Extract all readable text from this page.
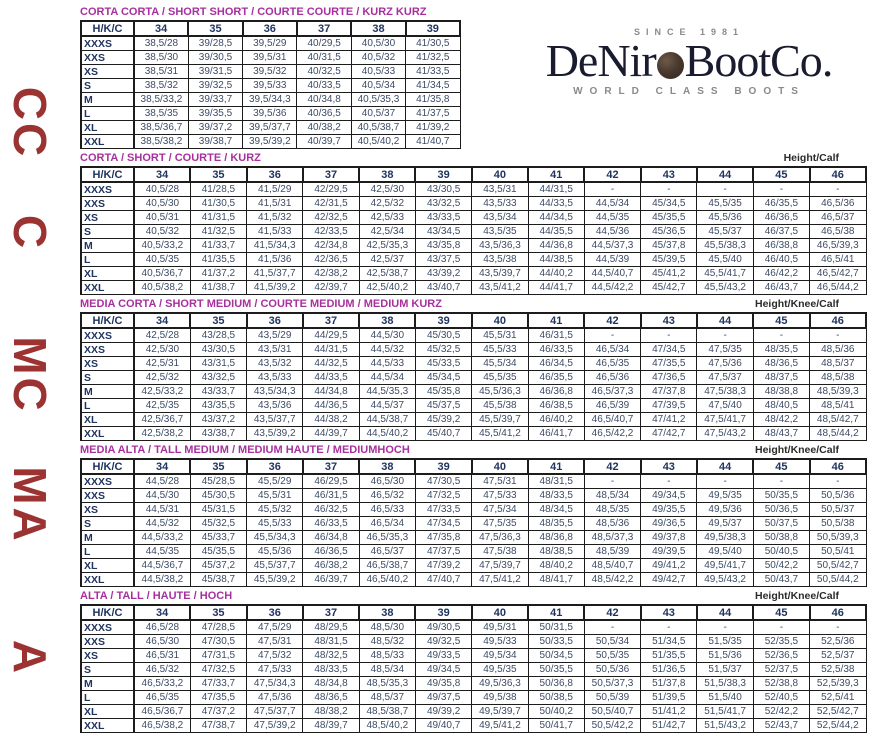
CC
C
MC
MA
A
SINCE 1981
DeNir BootCo.
WORLD CLASS BOOTS
CORTA CORTA / SHORT SHORT / COURTE COURTE / KURZ KURZ
H/K/C	34	35	36	37	38	39
XXXS	38,5/28	39/28,5	39,5/29	40/29,5	40,5/30	41/30,5
XXS	38,5/30	39/30,5	39,5/31	40/31,5	40,5/32	41/32,5
XS	38,5/31	39/31,5	39,5/32	40/32,5	40,5/33	41/33,5
S	38,5/32	39/32,5	39,5/33	40/33,5	40,5/34	41/34,5
M	38,5/33,2	39/33,7	39,5/34,3	40/34,8	40,5/35,3	41/35,8
L	38,5/35	39/35,5	39,5/36	40/36,5	40,5/37	41/37,5
XL	38,5/36,7	39/37,2	39,5/37,7	40/38,2	40,5/38,7	41/39,2
XXL	38,5/38,2	39/38,7	39,5/39,2	40/39,7	40,5/40,2	41/40,7
CORTA / SHORT / COURTE / KURZ	Height/Calf
H/K/C	34	35	36	37	38	39	40	41	42	43	44	45	46
XXXS	40,5/28	41/28,5	41,5/29	42/29,5	42,5/30	43/30,5	43,5/31	44/31,5	-	-	-	-	-
XXS	40,5/30	41/30,5	41,5/31	42/31,5	42,5/32	43/32,5	43,5/33	44/33,5	44,5/34	45/34,5	45,5/35	46/35,5	46,5/36
XS	40,5/31	41/31,5	41,5/32	42/32,5	42,5/33	43/33,5	43,5/34	44/34,5	44,5/35	45/35,5	45,5/36	46/36,5	46,5/37
S	40,5/32	41/32,5	41,5/33	42/33,5	42,5/34	43/34,5	43,5/35	44/35,5	44,5/36	45/36,5	45,5/37	46/37,5	46,5/38
M	40,5/33,2	41/33,7	41,5/34,3	42/34,8	42,5/35,3	43/35,8	43,5/36,3	44/36,8	44,5/37,3	45/37,8	45,5/38,3	46/38,8	46,5/39,3
L	40,5/35	41/35,5	41,5/36	42/36,5	42,5/37	43/37,5	43,5/38	44/38,5	44,5/39	45/39,5	45,5/40	46/40,5	46,5/41
XL	40,5/36,7	41/37,2	41,5/37,7	42/38,2	42,5/38,7	43/39,2	43,5/39,7	44/40,2	44,5/40,7	45/41,2	45,5/41,7	46/42,2	46,5/42,7
XXL	40,5/38,2	41/38,7	41,5/39,2	42/39,7	42,5/40,2	43/40,7	43,5/41,2	44/41,7	44,5/42,2	45/42,7	45,5/43,2	46/43,7	46,5/44,2
MEDIA CORTA / SHORT MEDIUM / COURTE MEDIUM / MEDIUM KURZ	Height/Knee/Calf
H/K/C	34	35	36	37	38	39	40	41	42	43	44	45	46
XXXS	42,5/28	43/28,5	43,5/29	44/29,5	44,5/30	45/30,5	45,5/31	46/31,5	-	-	-	-	-
XXS	42,5/30	43/30,5	43,5/31	44/31,5	44,5/32	45/32,5	45,5/33	46/33,5	46,5/34	47/34,5	47,5/35	48/35,5	48,5/36
XS	42,5/31	43/31,5	43,5/32	44/32,5	44,5/33	45/33,5	45,5/34	46/34,5	46,5/35	47/35,5	47,5/36	48/36,5	48,5/37
S	42,5/32	43/32,5	43,5/33	44/33,5	44,5/34	45/34,5	45,5/35	46/35,5	46,5/36	47/36,5	47,5/37	48/37,5	48,5/38
M	42,5/33,2	43/33,7	43,5/34,3	44/34,8	44,5/35,3	45/35,8	45,5/36,3	46/36,8	46,5/37,3	47/37,8	47,5/38,3	48/38,8	48,5/39,3
L	42,5/35	43/35,5	43,5/36	44/36,5	44,5/37	45/37,5	45,5/38	46/38,5	46,5/39	47/39,5	47,5/40	48/40,5	48,5/41
XL	42,5/36,7	43/37,2	43,5/37,7	44/38,2	44,5/38,7	45/39,2	45,5/39,7	46/40,2	46,5/40,7	47/41,2	47,5/41,7	48/42,2	48,5/42,7
XXL	42,5/38,2	43/38,7	43,5/39,2	44/39,7	44,5/40,2	45/40,7	45,5/41,2	46/41,7	46,5/42,2	47/42,7	47,5/43,2	48/43,7	48,5/44,2
MEDIA ALTA / TALL MEDIUM / MEDIUM HAUTE / MEDIUMHOCH	Height/Knee/Calf
H/K/C	34	35	36	37	38	39	40	41	42	43	44	45	46
XXXS	44,5/28	45/28,5	45,5/29	46/29,5	46,5/30	47/30,5	47,5/31	48/31,5	-	-	-	-	-
XXS	44,5/30	45/30,5	45,5/31	46/31,5	46,5/32	47/32,5	47,5/33	48/33,5	48,5/34	49/34,5	49,5/35	50/35,5	50,5/36
XS	44,5/31	45/31,5	45,5/32	46/32,5	46,5/33	47/33,5	47,5/34	48/34,5	48,5/35	49/35,5	49,5/36	50/36,5	50,5/37
S	44,5/32	45/32,5	45,5/33	46/33,5	46,5/34	47/34,5	47,5/35	48/35,5	48,5/36	49/36,5	49,5/37	50/37,5	50,5/38
M	44,5/33,2	45/33,7	45,5/34,3	46/34,8	46,5/35,3	47/35,8	47,5/36,3	48/36,8	48,5/37,3	49/37,8	49,5/38,3	50/38,8	50,5/39,3
L	44,5/35	45/35,5	45,5/36	46/36,5	46,5/37	47/37,5	47,5/38	48/38,5	48,5/39	49/39,5	49,5/40	50/40,5	50,5/41
XL	44,5/36,7	45/37,2	45,5/37,7	46/38,2	46,5/38,7	47/39,2	47,5/39,7	48/40,2	48,5/40,7	49/41,2	49,5/41,7	50/42,2	50,5/42,7
XXL	44,5/38,2	45/38,7	45,5/39,2	46/39,7	46,5/40,2	47/40,7	47,5/41,2	48/41,7	48,5/42,2	49/42,7	49,5/43,2	50/43,7	50,5/44,2
ALTA / TALL / HAUTE / HOCH	Height/Knee/Calf
H/K/C	34	35	36	37	38	39	40	41	42	43	44	45	46
XXXS	46,5/28	47/28,5	47,5/29	48/29,5	48,5/30	49/30,5	49,5/31	50/31,5	-	-	-	-	-
XXS	46,5/30	47/30,5	47,5/31	48/31,5	48,5/32	49/32,5	49,5/33	50/33,5	50,5/34	51/34,5	51,5/35	52/35,5	52,5/36
XS	46,5/31	47/31,5	47,5/32	48/32,5	48,5/33	49/33,5	49,5/34	50/34,5	50,5/35	51/35,5	51,5/36	52/36,5	52,5/37
S	46,5/32	47/32,5	47,5/33	48/33,5	48,5/34	49/34,5	49,5/35	50/35,5	50,5/36	51/36,5	51,5/37	52/37,5	52,5/38
M	46,5/33,2	47/33,7	47,5/34,3	48/34,8	48,5/35,3	49/35,8	49,5/36,3	50/36,8	50,5/37,3	51/37,8	51,5/38,3	52/38,8	52,5/39,3
L	46,5/35	47/35,5	47,5/36	48/36,5	48,5/37	49/37,5	49,5/38	50/38,5	50,5/39	51/39,5	51,5/40	52/40,5	52,5/41
XL	46,5/36,7	47/37,2	47,5/37,7	48/38,2	48,5/38,7	49/39,2	49,5/39,7	50/40,2	50,5/40,7	51/41,2	51,5/41,7	52/42,2	52,5/42,7
XXL	46,5/38,2	47/38,7	47,5/39,2	48/39,7	48,5/40,2	49/40,7	49,5/41,2	50/41,7	50,5/42,2	51/42,7	51,5/43,2	52/43,7	52,5/44,2
